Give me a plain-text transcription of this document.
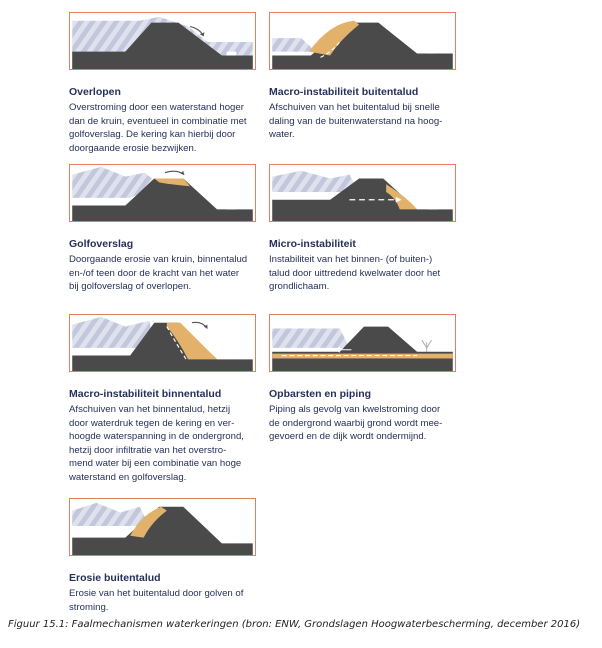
Overlopen
Overstroming door een waterstand hoger
dan de kruin, eventueel in combinatie met
golfoverslag. De kering kan hierbij door
doorgaande erosie bezwijken.
Macro-instabiliteit buitentalud
Afschuiven van het buitentalud bij snelle
daling van de buitenwaterstand na hoog-
water.
Golfoverslag
Doorgaande erosie van kruin, binnentalud
en-/of teen door de kracht van het water
bij golfoverslag of overlopen.
Micro-instabiliteit
Instabiliteit van het binnen- (of buiten-)
talud door uittredend kwelwater door het
grondlichaam.
Macro-instabiliteit binnentalud
Afschuiven van het binnentalud, hetzij
door waterdruk tegen de kering en ver-
hoogde waterspanning in de ondergrond,
hetzij door infiltratie van het overstro-
mend water bij een combinatie van hoge
waterstand en golfoverslag.
Opbarsten en piping
Piping als gevolg van kwelstroming door
de ondergrond waarbij grond wordt mee-
gevoerd en de dijk wordt ondermijnd.
Erosie buitentalud
Erosie van het buitentalud door golven of
stroming.
Figuur 15.1: Faalmechanismen waterkeringen (bron: ENW, Grondslagen Hoogwaterbescherming, december 2016)
